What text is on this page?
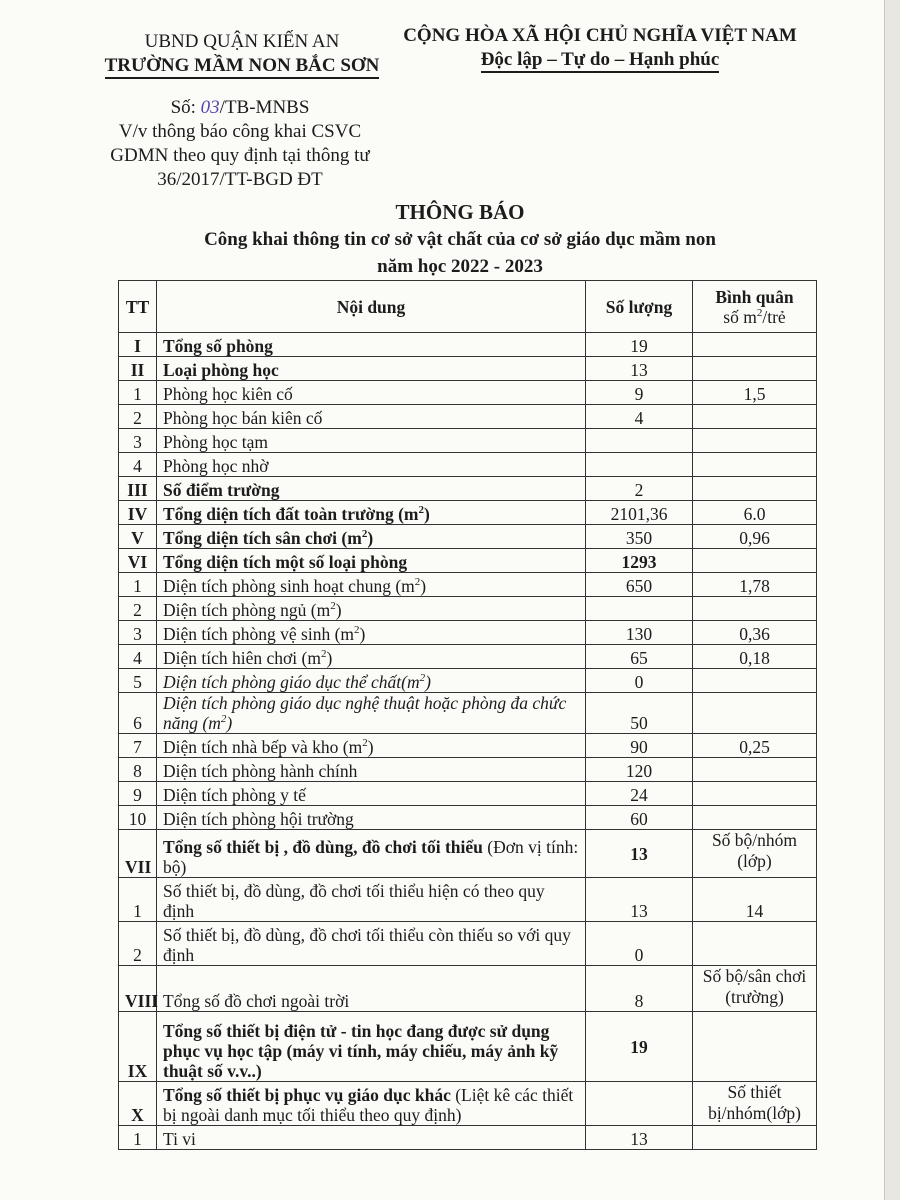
UBND QUẬN KIẾN AN
TRƯỜNG MẦM NON BẮC SƠN
CỘNG HÒA XÃ HỘI CHỦ NGHĨA VIỆT NAM
Độc lập – Tự do – Hạnh phúc
Số: 03/TB-MNBS
V/v thông báo công khai CSVC
GDMN theo quy định tại thông tư
36/2017/TT-BGD ĐT
THÔNG BÁO
Công khai thông tin cơ sở vật chất của cơ sở giáo dục mầm non
năm học 2022 - 2023
TT	Nội dung	Số lượng	Bình quân
số $m^2$/trẻ

I	Tổng số phòng	19	
II	Loại phòng học	13	
1	Phòng học kiên cố	9	1,5
2	Phòng học bán kiên cố	4	
3	Phòng học tạm		
4	Phòng học nhờ		
III	Số điểm trường	2	
IV	Tổng diện tích đất toàn trường $(m^2)$	2101,36	6.0
V	Tổng diện tích sân chơi $(m^2)$	350	0,96
VI	Tổng diện tích một số loại phòng	1293	
1	Diện tích phòng sinh hoạt chung $(m^2)$	650	1,78
2	Diện tích phòng ngủ $(m^2)$		
3	Diện tích phòng vệ $\sinh (m^2)$	130	0,36
4	Diện tích hiên chơi $(m^2)$	65	0,18
5	Diện tích phòng giáo dục thể $chất(m^2)$	0	
6	Diện tích phòng giáo dục nghệ thuật hoặc phòng đa chức năng $(m^2)$	50	
7	Diện tích nhà bếp và kho $(m^2)$	90	0,25
8	Diện tích phòng hành chính	120	
9	Diện tích phòng y tế	24	
10	Diện tích phòng hội trường	60	
VII	Tổng số thiết bị , đồ dùng, đồ chơi tối thiểu (Đơn vị tính: bộ)	13	Số bộ/nhóm (lớp)
1	Số thiết bị, đồ dùng, đồ chơi tối thiểu hiện có theo quy định	13	14
2	Số thiết bị, đồ dùng, đồ chơi tối thiểu còn thiếu so với quy định	0	
VIII	Tổng số đồ chơi ngoài trời	8	Số bộ/sân chơi (trường)
IX	Tổng số thiết bị điện tử - tin học đang được sử dụng phục vụ học tập (máy vi tính, máy chiếu, máy ảnh kỹ thuật số v.v..)	19	
X	Tổng số thiết bị phục vụ giáo dục khác (Liệt kê các thiết bị ngoài danh mục tối thiểu theo quy định)		Số thiết bị/nhóm(lớp)
1	Ti vi	13	
